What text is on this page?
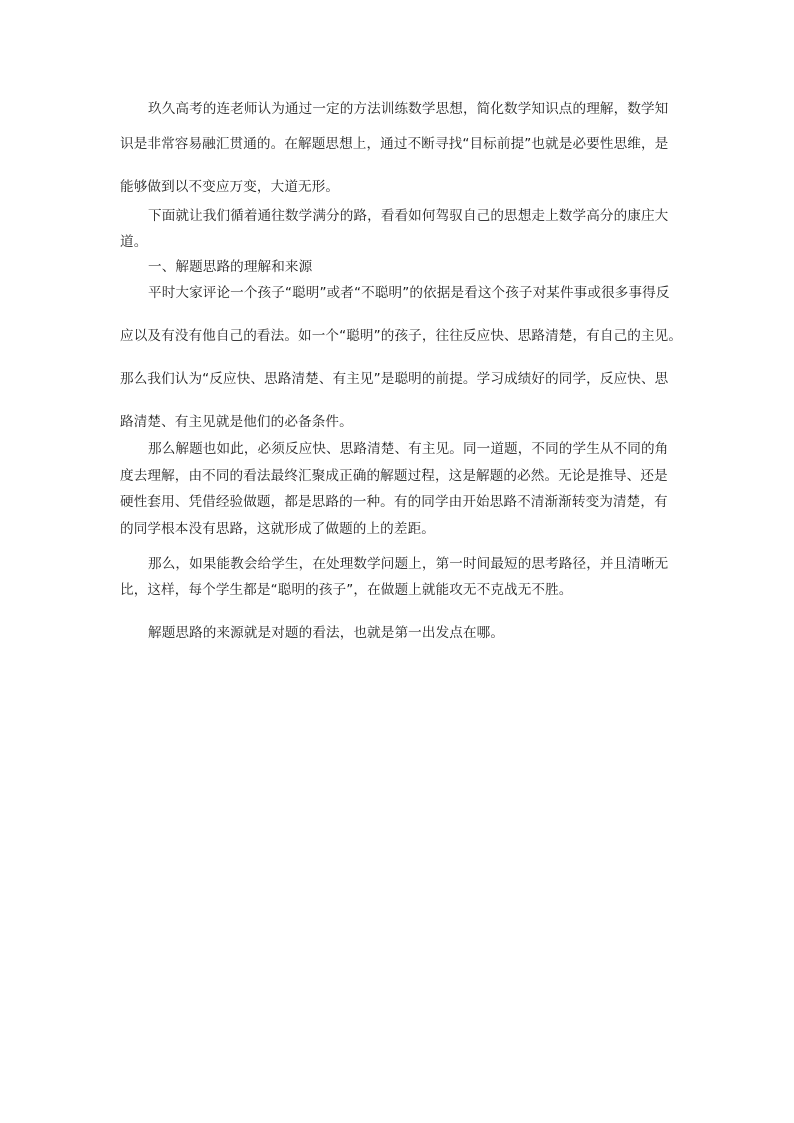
玖久高考的连老师认为通过一定的方法训练数学思想，简化数学知识点的理解，数学知
识是非常容易融汇贯通的。在解题思想上，通过不断寻找“目标前提”也就是必要性思维，是
能够做到以不变应万变，大道无形。
下面就让我们循着通往数学满分的路，看看如何驾驭自己的思想走上数学高分的康庄大
道。
一、解题思路的理解和来源
平时大家评论一个孩子“聪明”或者“不聪明”的依据是看这个孩子对某件事或很多事得反
应以及有没有他自己的看法。如一个“聪明”的孩子，往往反应快、思路清楚，有自己的主见。
那么我们认为“反应快、思路清楚、有主见”是聪明的前提。学习成绩好的同学，反应快、思
路清楚、有主见就是他们的必备条件。
那么解题也如此，必须反应快、思路清楚、有主见。同一道题，不同的学生从不同的角
度去理解，由不同的看法最终汇聚成正确的解题过程，这是解题的必然。无论是推导、还是
硬性套用、凭借经验做题，都是思路的一种。有的同学由开始思路不清渐渐转变为清楚，有
的同学根本没有思路，这就形成了做题的上的差距。
那么，如果能教会给学生，在处理数学问题上，第一时间最短的思考路径，并且清晰无
比，这样，每个学生都是“聪明的孩子”，在做题上就能攻无不克战无不胜。
解题思路的来源就是对题的看法，也就是第一出发点在哪。
